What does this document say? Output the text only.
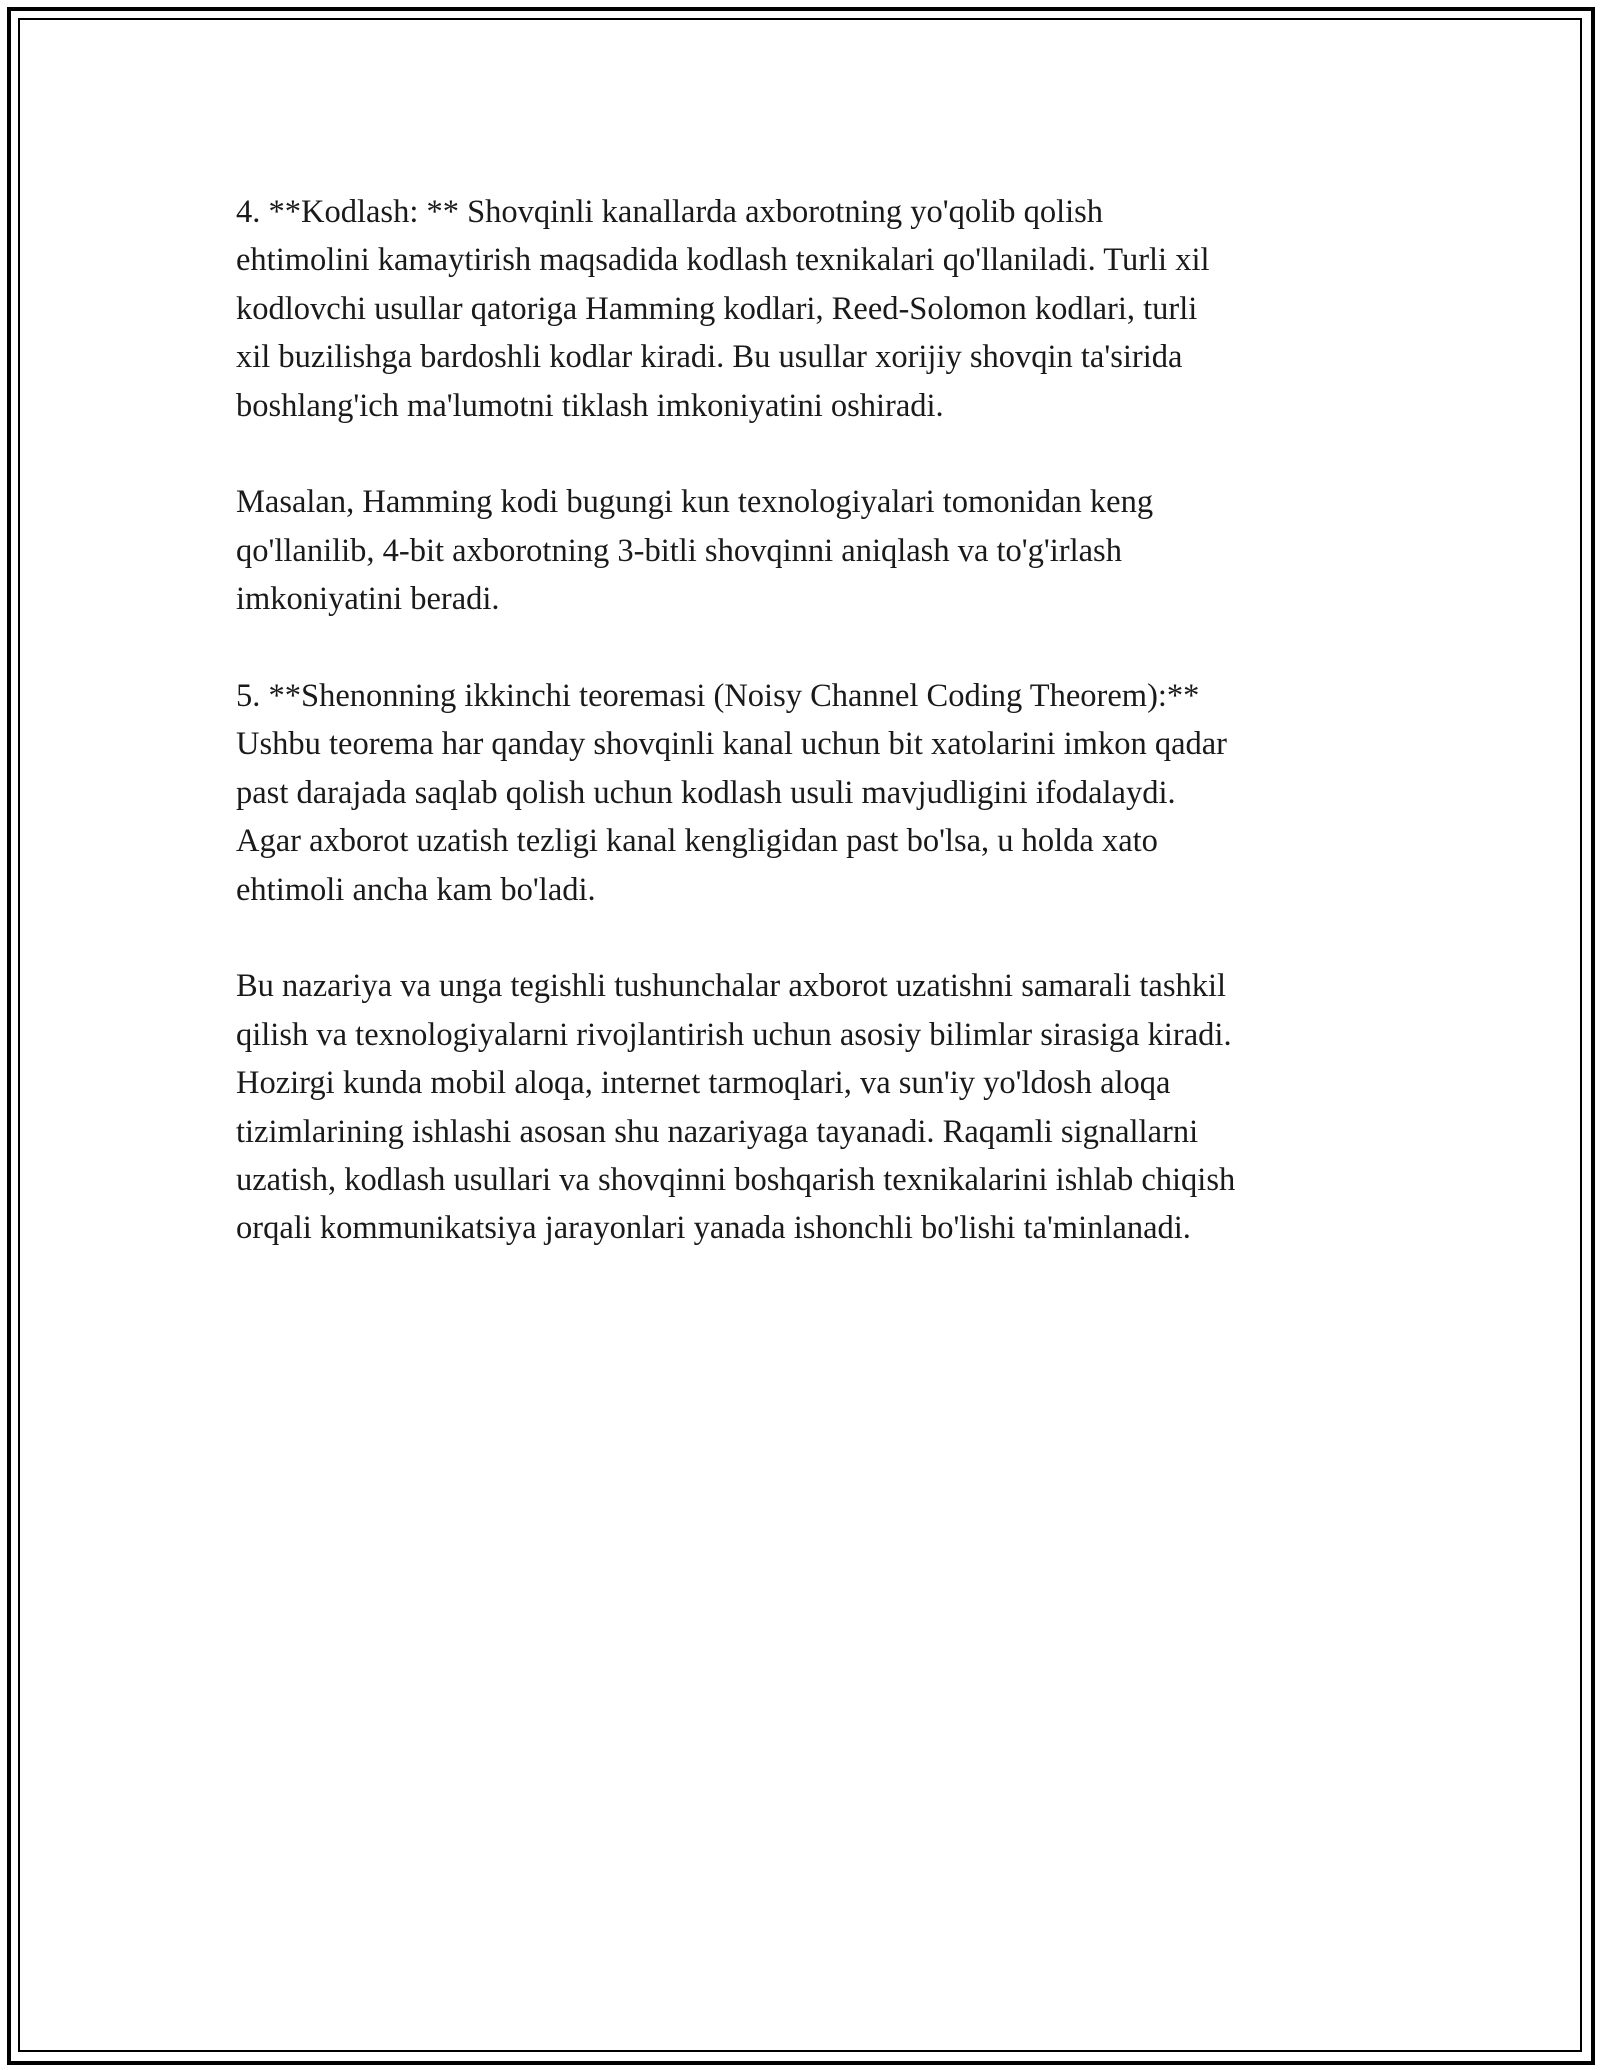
4. **Kodlash: ** Shovqinli kanallarda axborotning yo'qolib qolish
ehtimolini kamaytirish maqsadida kodlash texnikalari qo'llaniladi. Turli xil
kodlovchi usullar qatoriga Hamming kodlari, Reed-Solomon kodlari, turli
xil buzilishga bardoshli kodlar kiradi. Bu usullar xorijiy shovqin ta'sirida
boshlang'ich ma'lumotni tiklash imkoniyatini oshiradi.

Masalan, Hamming kodi bugungi kun texnologiyalari tomonidan keng
qo'llanilib, 4-bit axborotning 3-bitli shovqinni aniqlash va to'g'irlash
imkoniyatini beradi.

5. **Shenonning ikkinchi teoremasi (Noisy Channel Coding Theorem):**
Ushbu teorema har qanday shovqinli kanal uchun bit xatolarini imkon qadar
past darajada saqlab qolish uchun kodlash usuli mavjudligini ifodalaydi.
Agar axborot uzatish tezligi kanal kengligidan past bo'lsa, u holda xato
ehtimoli ancha kam bo'ladi.

Bu nazariya va unga tegishli tushunchalar axborot uzatishni samarali tashkil
qilish va texnologiyalarni rivojlantirish uchun asosiy bilimlar sirasiga kiradi.
Hozirgi kunda mobil aloqa, internet tarmoqlari, va sun'iy yo'ldosh aloqa
tizimlarining ishlashi asosan shu nazariyaga tayanadi. Raqamli signallarni
uzatish, kodlash usullari va shovqinni boshqarish texnikalarini ishlab chiqish
orqali kommunikatsiya jarayonlari yanada ishonchli bo'lishi ta'minlanadi.
